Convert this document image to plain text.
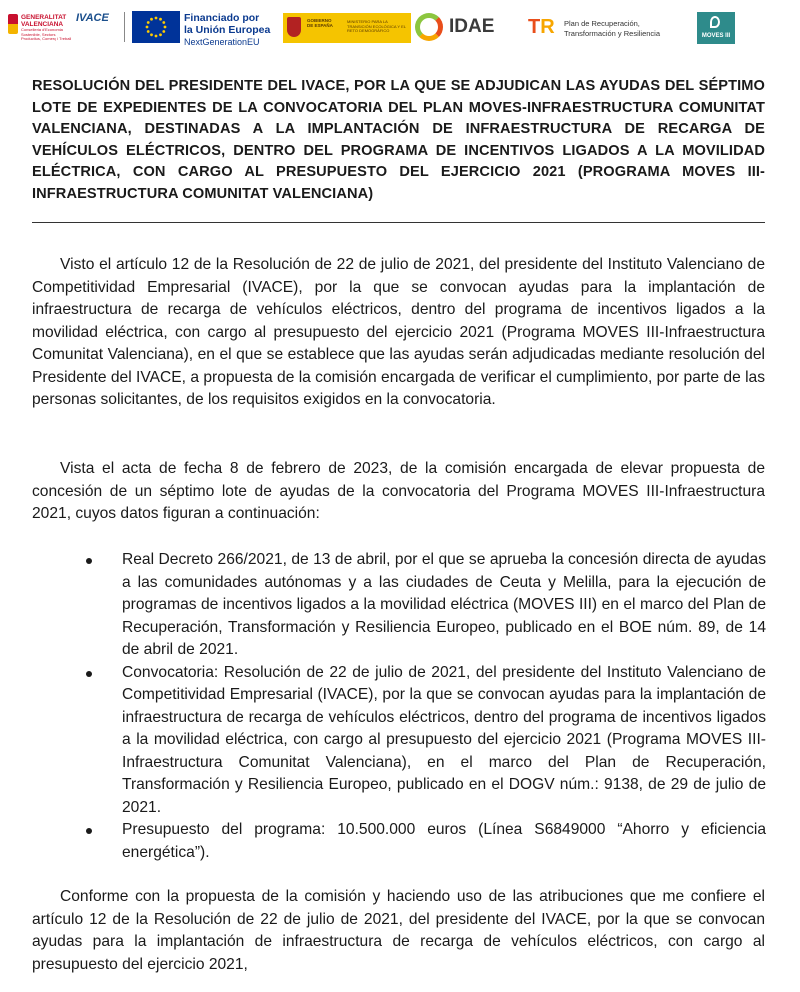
GENERALITAT VALENCIANA
Conselleria d'Economia Sostenible, Sectors Productius, Comerç i Treball
IVACE	Financiado por
la Unión Europea
NextGenerationEU
GOBIERNO DE ESPAÑA
MINISTERIO PARA LA TRANSICIÓN ECOLÓGICA Y EL RETO DEMOGRÁFICO	IDAE TR Plan de Recuperación,
Transformación y Resiliencia	MOVES III
RESOLUCIÓN DEL PRESIDENTE DEL IVACE, POR LA QUE SE ADJUDICAN LAS AYUDAS DEL SÉPTIMO LOTE DE EXPEDIENTES DE LA CONVOCATORIA DEL PLAN MOVES-INFRAESTRUCTURA COMUNITAT VALENCIANA, DESTINADAS A LA IMPLANTACIÓN DE INFRAESTRUCTURA DE RECARGA DE VEHÍCULOS ELÉCTRICOS, DENTRO DEL PROGRAMA DE INCENTIVOS LIGADOS A LA MOVILIDAD ELÉCTRICA, CON CARGO AL PRESUPUESTO DEL EJERCICIO 2021 (PROGRAMA MOVES III-INFRAESTRUCTURA COMUNITAT VALENCIANA)
Visto el artículo 12 de la Resolución de 22 de julio de 2021, del presidente del Instituto Valenciano de Competitividad Empresarial (IVACE), por la que se convocan ayudas para la implantación de infraestructura de recarga de vehículos eléctricos, dentro del programa de incentivos ligados a la movilidad eléctrica, con cargo al presupuesto del ejercicio 2021 (Programa MOVES III-Infraestructura Comunitat Valenciana), en el que se establece que las ayudas serán adjudicadas mediante resolución del Presidente del IVACE, a propuesta de la comisión encargada de verificar el cumplimiento, por parte de las personas solicitantes, de los requisitos exigidos en la convocatoria.
Vista el acta de fecha 8 de febrero de 2023, de la comisión encargada de elevar propuesta de concesión de un séptimo lote de ayudas de la convocatoria del Programa MOVES III-Infraestructura 2021, cuyos datos figuran a continuación:
Real Decreto 266/2021, de 13 de abril, por el que se aprueba la concesión directa de ayudas a las comunidades autónomas y a las ciudades de Ceuta y Melilla, para la ejecución de programas de incentivos ligados a la movilidad eléctrica (MOVES III) en el marco del Plan de Recuperación, Transformación y Resiliencia Europeo, publicado en el BOE núm. 89, de 14 de abril de 2021.
Convocatoria: Resolución de 22 de julio de 2021, del presidente del Instituto Valenciano de Competitividad Empresarial (IVACE), por la que se convocan ayudas para la implantación de infraestructura de recarga de vehículos eléctricos, dentro del programa de incentivos ligados a la movilidad eléctrica, con cargo al presupuesto del ejercicio 2021 (Programa MOVES III-Infraestructura Comunitat Valenciana), en el marco del Plan de Recuperación, Transformación y Resiliencia Europeo, publicado en el DOGV núm.: 9138, de 29 de julio de 2021.
Presupuesto del programa: 10.500.000 euros (Línea S6849000 “Ahorro y eficiencia energética”).
Conforme con la propuesta de la comisión y haciendo uso de las atribuciones que me confiere el artículo 12 de la Resolución de 22 de julio de 2021, del presidente del IVACE, por la que se convocan ayudas para la implantación de infraestructura de recarga de vehículos eléctricos, con cargo al presupuesto del ejercicio 2021,
